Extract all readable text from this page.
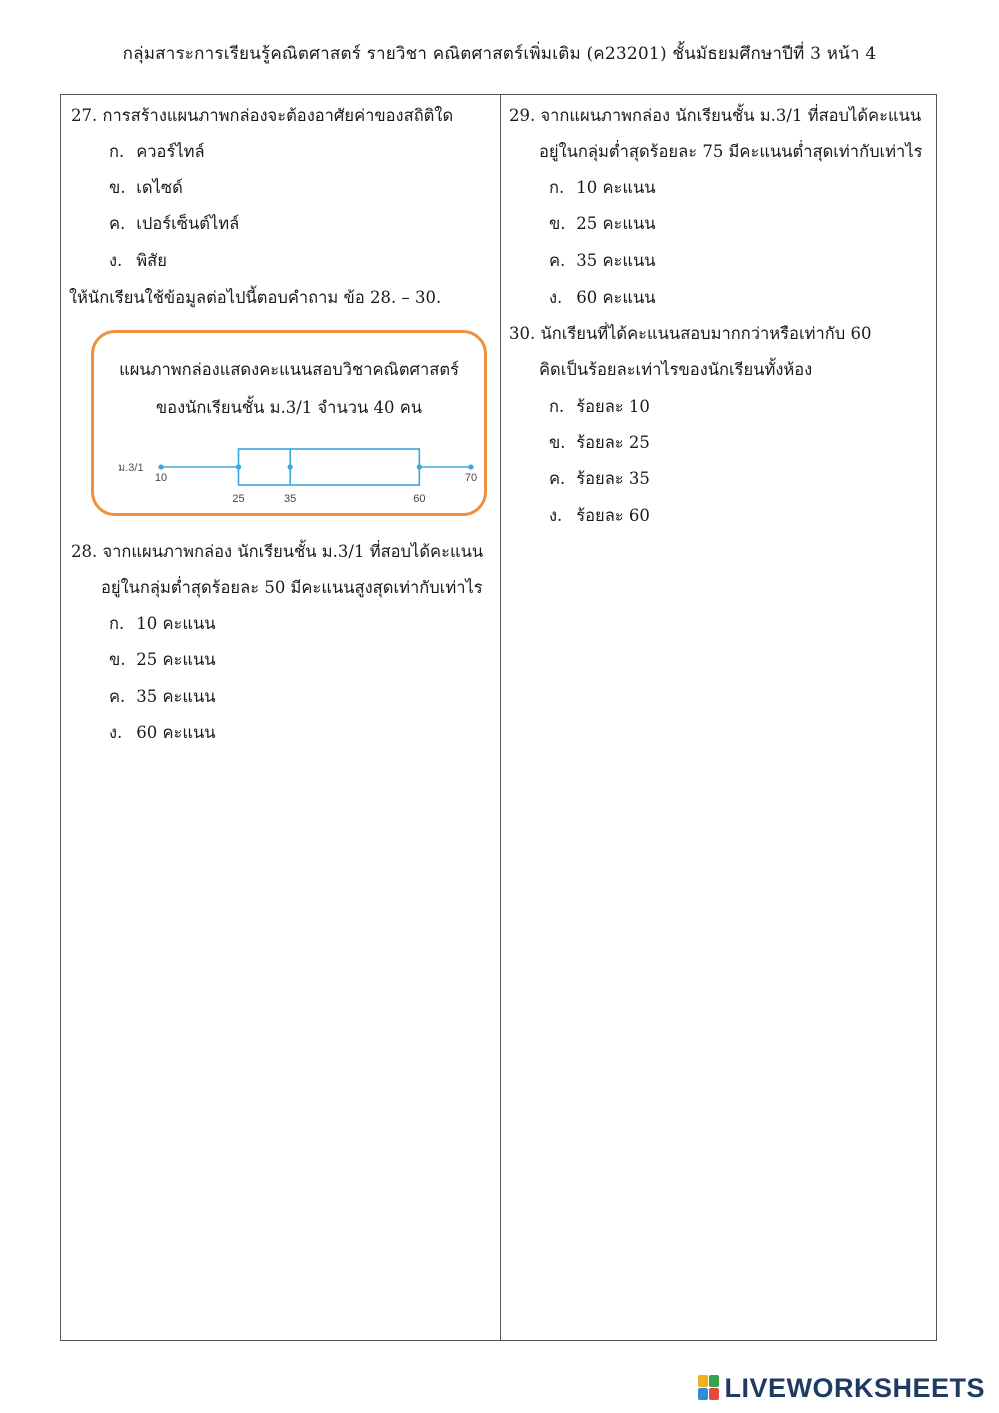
กลุ่มสาระการเรียนรู้คณิตศาสตร์ รายวิชา คณิตศาสตร์เพิ่มเติม (ค23201) ชั้นมัธยมศึกษาปีที่ 3 หน้า 4
27. การสร้างแผนภาพกล่องจะต้องอาศัยค่าของสถิติใด
ก. ควอร์ไทล์
ข. เดไซด์
ค. เปอร์เซ็นต์ไทล์
ง. พิสัย
ให้นักเรียนใช้ข้อมูลต่อไปนี้ตอบคำถาม ข้อ 28. – 30.
แผนภาพกล่องแสดงคะแนนสอบวิชาคณิตศาสตร์
ของนักเรียนชั้น ม.3/1 จำนวน 40 คน
ม.3/1
10
25	35	60
70
28. จากแผนภาพกล่อง นักเรียนชั้น ม.3/1 ที่สอบได้คะแนน
อยู่ในกลุ่มต่ำสุดร้อยละ 50 มีคะแนนสูงสุดเท่ากับเท่าไร
ก. 10 คะแนน
ข. 25 คะแนน
ค. 35 คะแนน
ง. 60 คะแนน
29. จากแผนภาพกล่อง นักเรียนชั้น ม.3/1 ที่สอบได้คะแนน
อยู่ในกลุ่มต่ำสุดร้อยละ 75 มีคะแนนต่ำสุดเท่ากับเท่าไร
ก. 10 คะแนน
ข. 25 คะแนน
ค. 35 คะแนน
ง. 60 คะแนน
30. นักเรียนที่ได้คะแนนสอบมากกว่าหรือเท่ากับ 60
คิดเป็นร้อยละเท่าไรของนักเรียนทั้งห้อง
ก. ร้อยละ 10
ข. ร้อยละ 25
ค. ร้อยละ 35
ง. ร้อยละ 60
LIVEWORKSHEETS
